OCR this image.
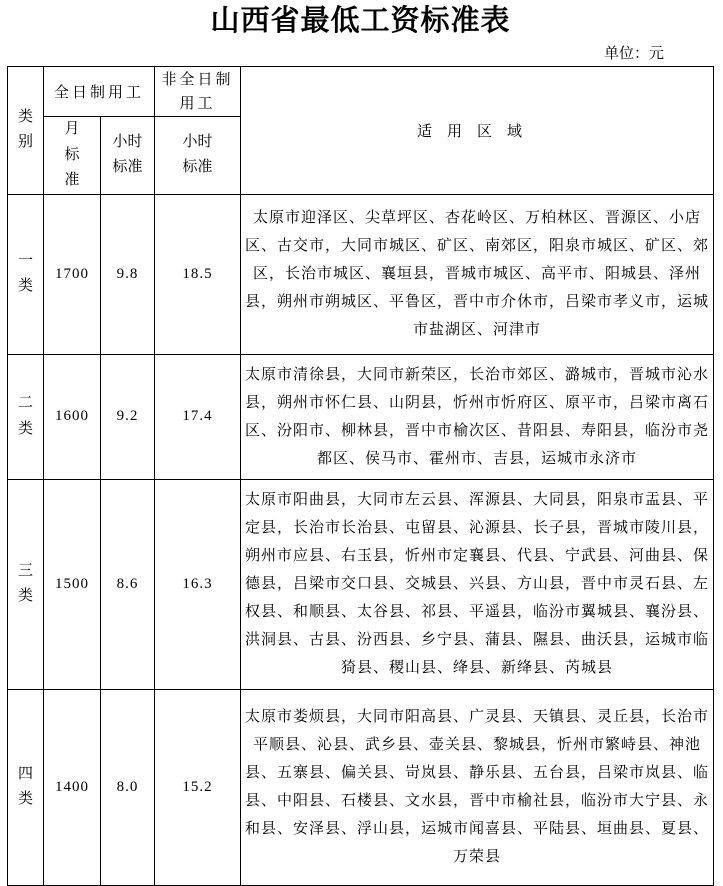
山西省最低工资标准表
单位：元
类别	全日制用工		非全日制用工	适用区域
	月标准	小时标准	小时标准	
一类	1700	9.8	18.5	太原市迎泽区、尖草坪区、杏花岭区、万柏林区、晋源区、小店区、古交市，大同市城区、矿区、南郊区，阳泉市城区、矿区、郊区，长治市城区、襄垣县，晋城市城区、高平市、阳城县、泽州县，朔州市朔城区、平鲁区，晋中市介休市，吕梁市孝义市，运城市盐湖区、河津市
二类	1600	9.2	17.4	太原市清徐县，大同市新荣区，长治市郊区、潞城市，晋城市沁水县，朔州市怀仁县、山阴县，忻州市忻府区、原平市，吕梁市离石区、汾阳市、柳林县，晋中市榆次区、昔阳县、寿阳县，临汾市尧都区、侯马市、霍州市、吉县，运城市永济市
三类	1500	8.6	16.3	太原市阳曲县，大同市左云县、浑源县、大同县，阳泉市盂县、平定县，长治市长治县、屯留县、沁源县、长子县，晋城市陵川县，朔州市应县、右玉县，忻州市定襄县、代县、宁武县、河曲县、保德县，吕梁市交口县、交城县、兴县、方山县，晋中市灵石县、左权县、和顺县、太谷县、祁县、平遥县，临汾市翼城县、襄汾县、洪洞县、古县、汾西县、乡宁县、蒲县、隰县、曲沃县，运城市临猗县、稷山县、绛县、新绛县、芮城县
四类	1400	8.0	15.2	太原市娄烦县，大同市阳高县、广灵县、天镇县、灵丘县，长治市平顺县、沁县、武乡县、壶关县、黎城县，忻州市繁峙县、神池县、五寨县、偏关县、岢岚县、静乐县、五台县，吕梁市岚县、临县、中阳县、石楼县、文水县，晋中市榆社县，临汾市大宁县、永和县、安泽县、浮山县，运城市闻喜县、平陆县、垣曲县、夏县、万荣县
